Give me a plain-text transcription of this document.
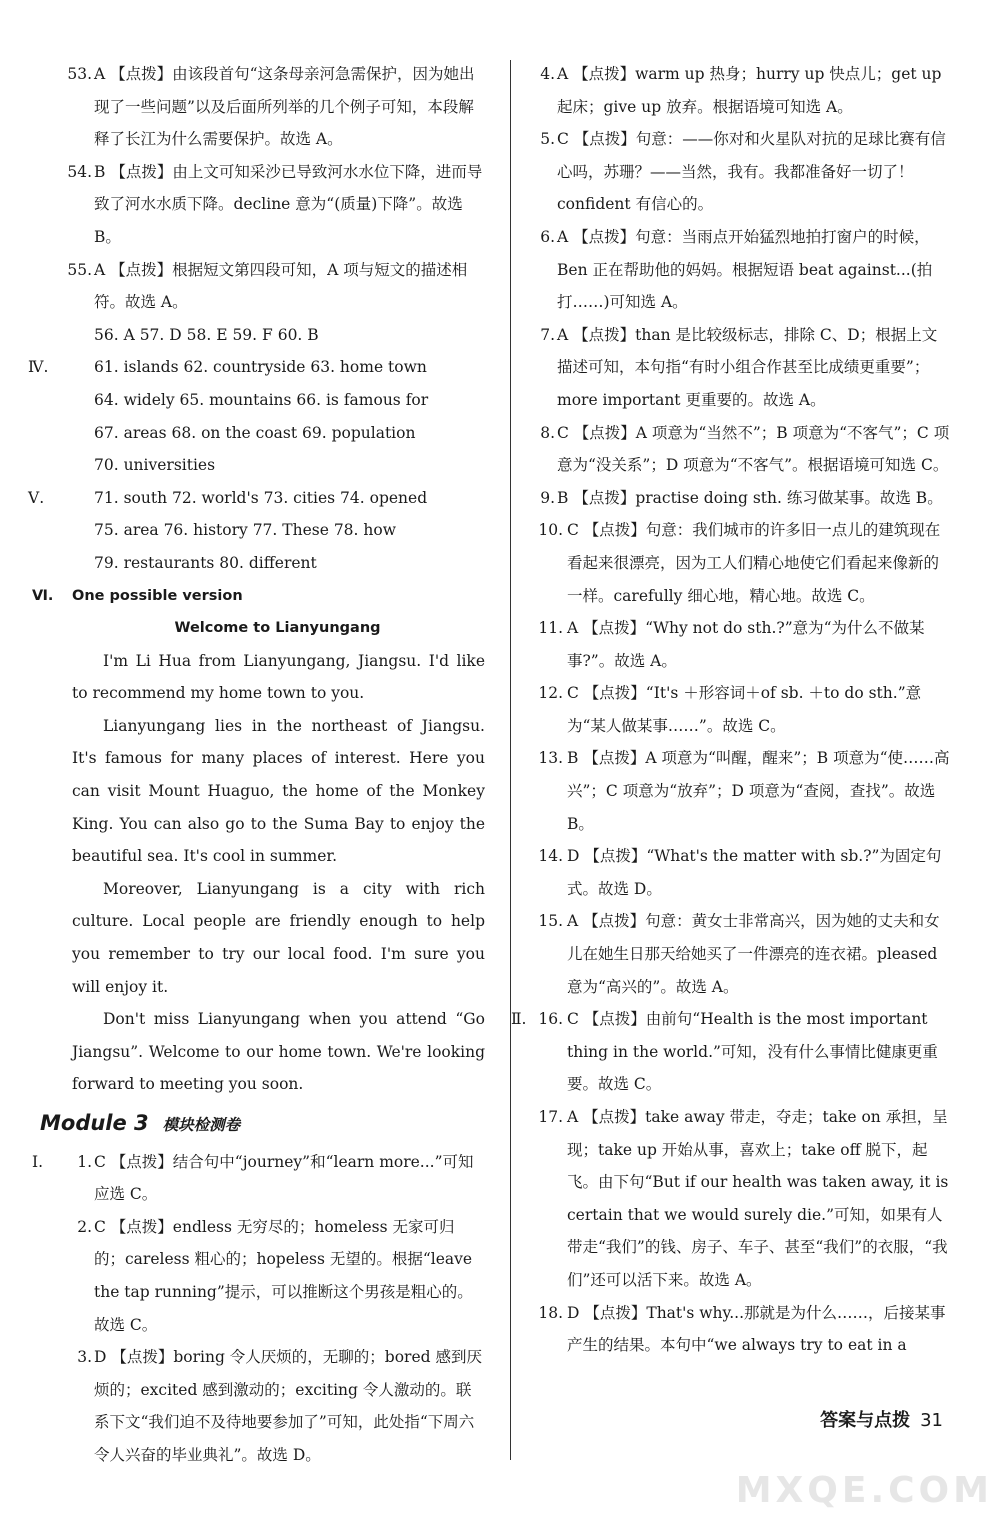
53. A 【点拨】由该段首句“这条母亲河急需保护，因为她出现了一些问题”以及后面所列举的几个例子可知，本段解释了长江为什么需要保护。故选 A。

54. B 【点拨】由上文可知采沙已导致河水水位下降，进而导致了河水水质下降。decline 意为“(质量)下降”。故选 B。

55. A 【点拨】根据短文第四段可知，A 项与短文的描述相符。故选 A。

56. A 57. D 58. E 59. F 60. B

Ⅳ.	61. islands 62. countryside 63. home town

64. widely 65. mountains 66. is famous for

67. areas 68. on the coast 69. population

70. universities

Ⅴ.	71. south 72. world's 73. cities 74. opened

75. area 76. history 77. These 78. how

79. restaurants 80. different

Ⅵ. One possible version

Welcome to Lianyungang

I'm Li Hua from Lianyungang, Jiangsu. I'd like to recommend my home town to you.

Lianyungang lies in the northeast of Jiangsu. It's famous for many places of interest. Here you can visit Mount Huaguo, the home of the Monkey King. You can also go to the Suma Bay to enjoy the beautiful sea. It's cool in summer.

Moreover, Lianyungang is a city with rich culture. Local people are friendly enough to help you remember to try our local food. I'm sure you will enjoy it.

Don't miss Lianyungang when you attend “Go Jiangsu”. Welcome to our home town. We're looking forward to meeting you soon.

Module 3 模块检测卷

Ⅰ. 1. C 【点拨】结合句中“journey”和“learn more...”可知应选 C。

2. C 【点拨】endless 无穷尽的；homeless 无家可归的；careless 粗心的；hopeless 无望的。根据“leave the tap running”提示，可以推断这个男孩是粗心的。故选 C。

3. D 【点拨】boring 令人厌烦的，无聊的；bored 感到厌烦的；excited 感到激动的；exciting 令人激动的。联系下文“我们迫不及待地要参加了”可知，此处指“下周六令人兴奋的毕业典礼”。故选 D。

4. A 【点拨】warm up 热身；hurry up 快点儿；get up 起床；give up 放弃。根据语境可知选 A。

5. C 【点拨】句意：——你对和火星队对抗的足球比赛有信心吗，苏珊？——当然，我有。我都准备好一切了！confident 有信心的。

6. A 【点拨】句意：当雨点开始猛烈地拍打窗户的时候，Ben 正在帮助他的妈妈。根据短语 beat against...(拍打……)可知选 A。

7. A 【点拨】than 是比较级标志，排除 C、D；根据上文描述可知，本句指“有时小组合作甚至比成绩更重要”；more important 更重要的。故选 A。

8. C 【点拨】A 项意为“当然不”；B 项意为“不客气”；C 项意为“没关系”；D 项意为“不客气”。根据语境可知选 C。

9. B 【点拨】practise doing sth. 练习做某事。故选 B。

10. C 【点拨】句意：我们城市的许多旧一点儿的建筑现在看起来很漂亮，因为工人们精心地使它们看起来像新的一样。carefully 细心地，精心地。故选 C。

11. A 【点拨】“Why not do sth.?”意为“为什么不做某事?”。故选 A。

12. C 【点拨】“It's ＋形容词＋of sb. ＋to do sth.”意为“某人做某事……”。故选 C。

13. B 【点拨】A 项意为“叫醒，醒来”；B 项意为“使……高兴”；C 项意为“放弃”；D 项意为“查阅，查找”。故选 B。

14. D 【点拨】“What's the matter with sb.?”为固定句式。故选 D。

15. A 【点拨】句意：黄女士非常高兴，因为她的丈夫和女儿在她生日那天给她买了一件漂亮的连衣裙。pleased 意为“高兴的”。故选 A。

Ⅱ. 16. C 【点拨】由前句“Health is the most important thing in the world.”可知，没有什么事情比健康更重要。故选 C。

17. A 【点拨】take away 带走，夺走；take on 承担，呈现；take up 开始从事，喜欢上；take off 脱下，起飞。由下句“But if our health was taken away, it is certain that we would surely die.”可知，如果有人带走“我们”的钱、房子、车子、甚至“我们”的衣服，“我们”还可以活下来。故选 A。

18. D 【点拨】That's why...那就是为什么……，后接某事产生的结果。本句中“we always try to eat in a

答案与点拨 31
MXQE.COM
